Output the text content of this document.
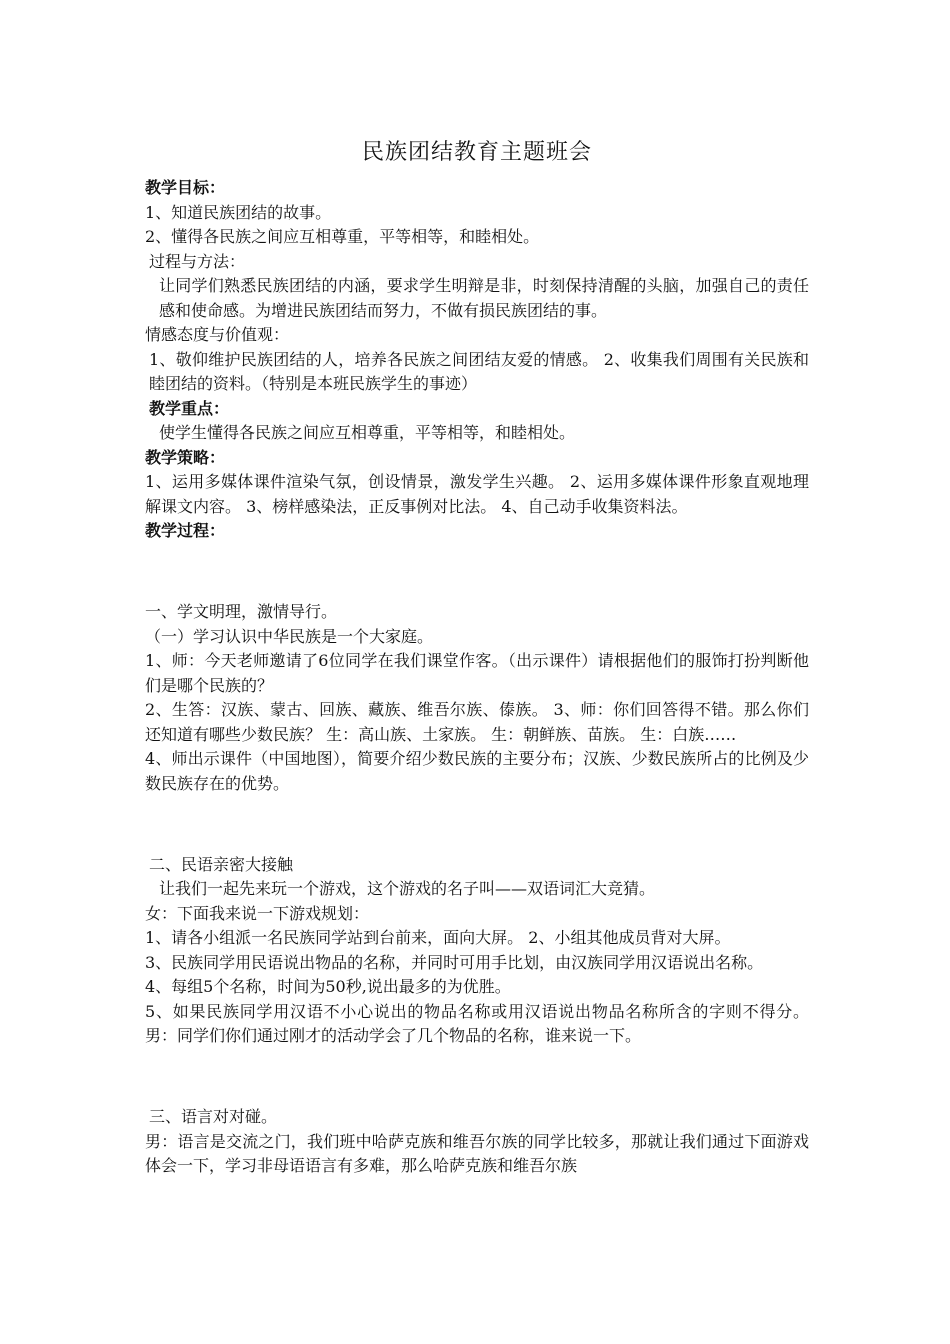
民族团结教育主题班会

教学目标：

1、知道民族团结的故事。

2、懂得各民族之间应互相尊重，平等相等，和睦相处。

过程与方法：

让同学们熟悉民族团结的内涵，要求学生明辩是非，时刻保持清醒的头脑，加强自己的责任感和使命感。为增进民族团结而努力，不做有损民族团结的事。

情感态度与价值观：

1、敬仰维护民族团结的人，培养各民族之间团结友爱的情感。 2、收集我们周围有关民族和睦团结的资料。（特别是本班民族学生的事迹）

教学重点：

使学生懂得各民族之间应互相尊重，平等相等，和睦相处。

教学策略：

1、运用多媒体课件渲染气氛，创设情景，激发学生兴趣。 2、运用多媒体课件形象直观地理解课文内容。 3、榜样感染法，正反事例对比法。 4、自己动手收集资料法。

教学过程：

一、学文明理，激情导行。

（一）学习认识中华民族是一个大家庭。

1、师：今天老师邀请了6位同学在我们课堂作客。（出示课件）请根据他们的服饰打扮判断他们是哪个民族的？

2、生答：汉族、蒙古、回族、藏族、维吾尔族、傣族。 3、师：你们回答得不错。那么你们还知道有哪些少数民族？ 生：高山族、土家族。 生：朝鲜族、苗族。 生：白族……

4、师出示课件（中国地图），简要介绍少数民族的主要分布；汉族、少数民族所占的比例及少数民族存在的优势。

二、民语亲密大接触

让我们一起先来玩一个游戏，这个游戏的名子叫——双语词汇大竞猜。

女：下面我来说一下游戏规划：

1、请各小组派一名民族同学站到台前来，面向大屏。 2、小组其他成员背对大屏。

3、民族同学用民语说出物品的名称，并同时可用手比划，由汉族同学用汉语说出名称。

4、每组5个名称，时间为50秒,说出最多的为优胜。

5、如果民族同学用汉语不小心说出的物品名称或用汉语说出物品名称所含的字则不得分。 男：同学们你们通过刚才的活动学会了几个物品的名称，谁来说一下。

三、语言对对碰。

男：语言是交流之门，我们班中哈萨克族和维吾尔族的同学比较多，那就让我们通过下面游戏体会一下，学习非母语语言有多难，那么哈萨克族和维吾尔族
